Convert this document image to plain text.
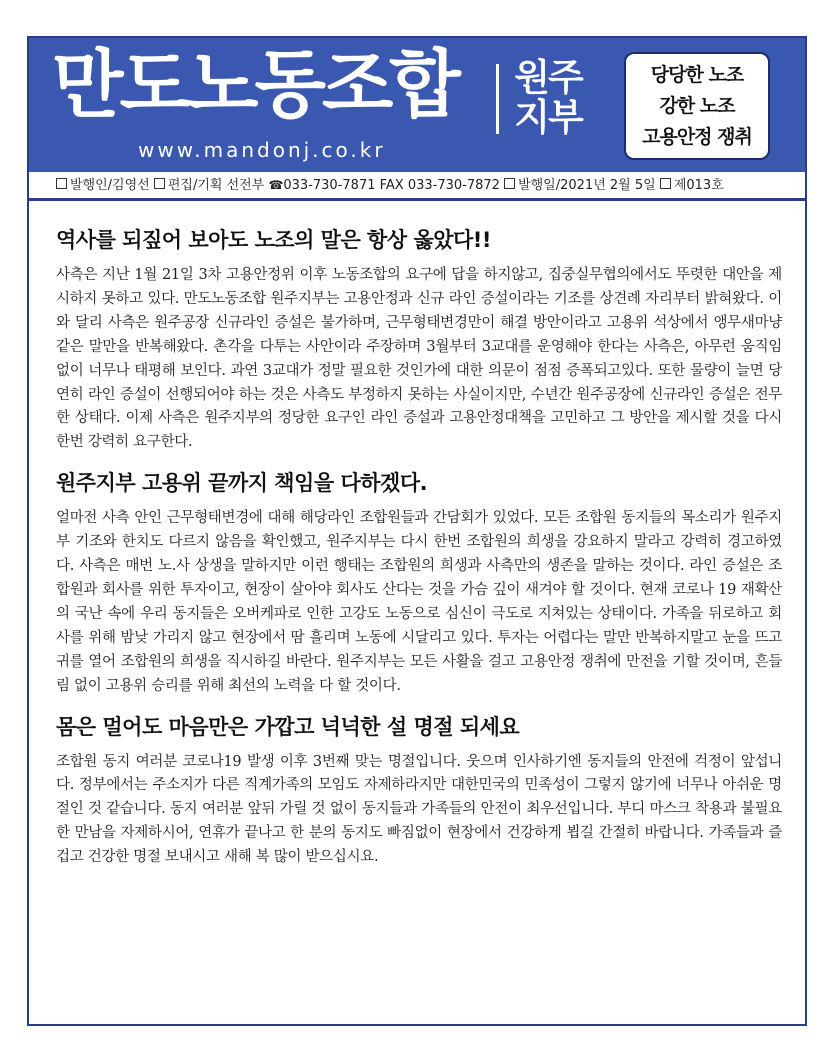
만도노동조합 원주
지부
www.mandonj.co.kr
당당한 노조
강한 노조
고용안정 쟁취
발행인/김영선 편집/기획 선전부 ☎033-730-7871 FAX 033-730-7872 발행일/2021년 2월 5일 제013호
역사를 되짚어 보아도 노조의 말은 항상 옳았다!!

사측은 지난 1월 21일 3차 고용안정위 이후 노동조합의 요구에 답을 하지않고, 집중실무협의에서도 뚜렷한 대안을 제시하지 못하고 있다. 만도노동조합 원주지부는 고용안정과 신규 라인 증설이라는 기조를 상견례 자리부터 밝혀왔다. 이와 달리 사측은 원주공장 신규라인 증설은 불가하며, 근무형태변경만이 해결 방안이라고 고용위 석상에서 앵무새마냥 같은 말만을 반복해왔다. 촌각을 다투는 사안이라 주장하며 3월부터 3교대를 운영해야 한다는 사측은, 아무런 움직임 없이 너무나 태평해 보인다. 과연 3교대가 정말 필요한 것인가에 대한 의문이 점점 증폭되고있다. 또한 물량이 늘면 당연히 라인 증설이 선행되어야 하는 것은 사측도 부정하지 못하는 사실이지만, 수년간 원주공장에 신규라인 증설은 전무한 상태다. 이제 사측은 원주지부의 정당한 요구인 라인 증설과 고용안정대책을 고민하고 그 방안을 제시할 것을 다시 한번 강력히 요구한다.

원주지부 고용위 끝까지 책임을 다하겠다.

얼마전 사측 안인 근무형태변경에 대해 해당라인 조합원들과 간담회가 있었다. 모든 조합원 동지들의 목소리가 원주지부 기조와 한치도 다르지 않음을 확인했고, 원주지부는 다시 한번 조합원의 희생을 강요하지 말라고 강력히 경고하였다. 사측은 매번 노.사 상생을 말하지만 이런 행태는 조합원의 희생과 사측만의 생존을 말하는 것이다. 라인 증설은 조합원과 회사를 위한 투자이고, 현장이 살아야 회사도 산다는 것을 가슴 깊이 새겨야 할 것이다. 현재 코로나 19 재확산의 국난 속에 우리 동지들은 오버케파로 인한 고강도 노동으로 심신이 극도로 지쳐있는 상태이다. 가족을 뒤로하고 회사를 위해 밤낮 가리지 않고 현장에서 땀 흘리며 노동에 시달리고 있다. 투자는 어렵다는 말만 반복하지말고 눈을 뜨고 귀를 열어 조합원의 희생을 직시하길 바란다. 원주지부는 모든 사활을 걸고 고용안정 쟁취에 만전을 기할 것이며, 흔들림 없이 고용위 승리를 위해 최선의 노력을 다 할 것이다.

몸은 멀어도 마음만은 가깝고 넉넉한 설 명절 되세요

조합원 동지 여러분 코로나19 발생 이후 3번째 맞는 명절입니다. 웃으며 인사하기엔 동지들의 안전에 걱정이 앞섭니다. 정부에서는 주소지가 다른 직계가족의 모임도 자제하라지만 대한민국의 민족성이 그렇지 않기에 너무나 아쉬운 명절인 것 같습니다. 동지 여러분 앞뒤 가릴 것 없이 동지들과 가족들의 안전이 최우선입니다. 부디 마스크 착용과 불필요한 만남을 자제하시어, 연휴가 끝나고 한 분의 동지도 빠짐없이 현장에서 건강하게 뵙길 간절히 바랍니다. 가족들과 즐겁고 건강한 명절 보내시고 새해 복 많이 받으십시요.
